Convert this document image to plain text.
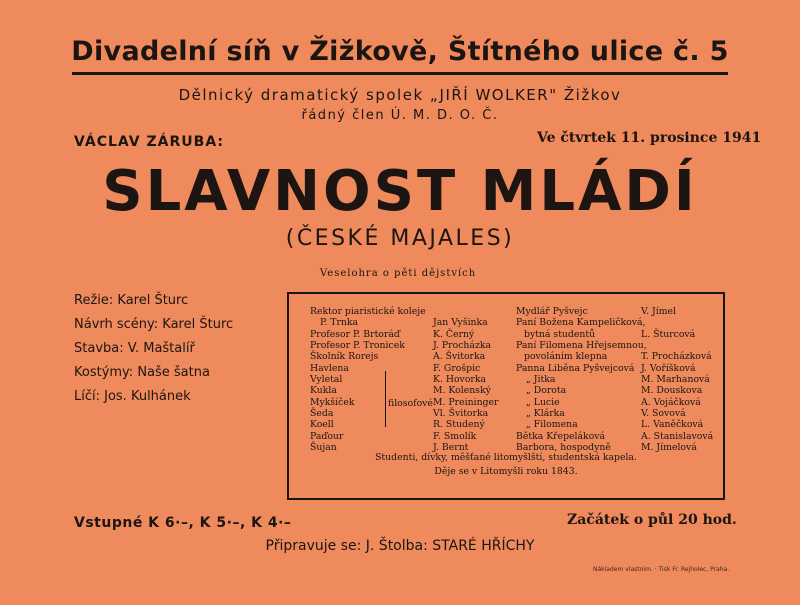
Divadelní síň v Žižkově, Štítného ulice č. 5
Dělnický dramatický spolek „JIŘÍ WOLKER" Žižkov
řádný člen Ú. M. D. O. Č.
VÁCLAV ZÁRUBA:	Ve čtvrtek 11. prosince 1941
SLAVNOST MLÁDÍ
(ČESKÉ MAJALES)
Veselohra o pěti dějstvích
Režie: Karel Šturc
Návrh scény: Karel Šturc
Stavba: V. Maštalíř
Kostýmy: Naše šatna
Líčí: Jos. Kulhánek
Rektor piaristické koleje
P. Trnka
Profesor P. Brtoráď
Profesor P. Tronicek
Školník Rorejs
Havlena
Vyletal
Kukla
Mykšíček
Šeda
Koell
Paďour
Šujan
filosofové
Jan Vyšinka
K. Černý
J. Procházka
A. Švitorka
F. Grošpic
K. Hovorka
M. Kolenský
M. Preininger
Vl. Švitorka
R. Studený
F. Smolík
J. Bernt
Mydlář Pyšvejc
Paní Božena Kampeličková,
bytná studentů
Paní Filomena Hřejsemnou,
povoláním klepna
Panna Liběna Pyšvejcová
„ Jitka
„ Dorota
„ Lucie
„ Klárka
„ Filomena
Bětka Křepeláková
Barbora, hospodyně
V. Jímel
L. Šturcová
T. Procházková
J. Voříšková
M. Marhanová
M. Douskova
A. Vojáčková
V. Sovová
L. Vaněčková
A. Stanislavová
M. Jímelová
Studenti, dívky, měšťané litomyšlští, studentská kapela.
Děje se v Litomyšli roku 1843.
Vstupné K 6·–, K 5·–, K 4·–	Začátek o půl 20 hod.
Připravuje se: J. Štolba: STARÉ HŘÍCHY
Nákladem vlastním. · Tisk Fr. Rejholec, Praha.
